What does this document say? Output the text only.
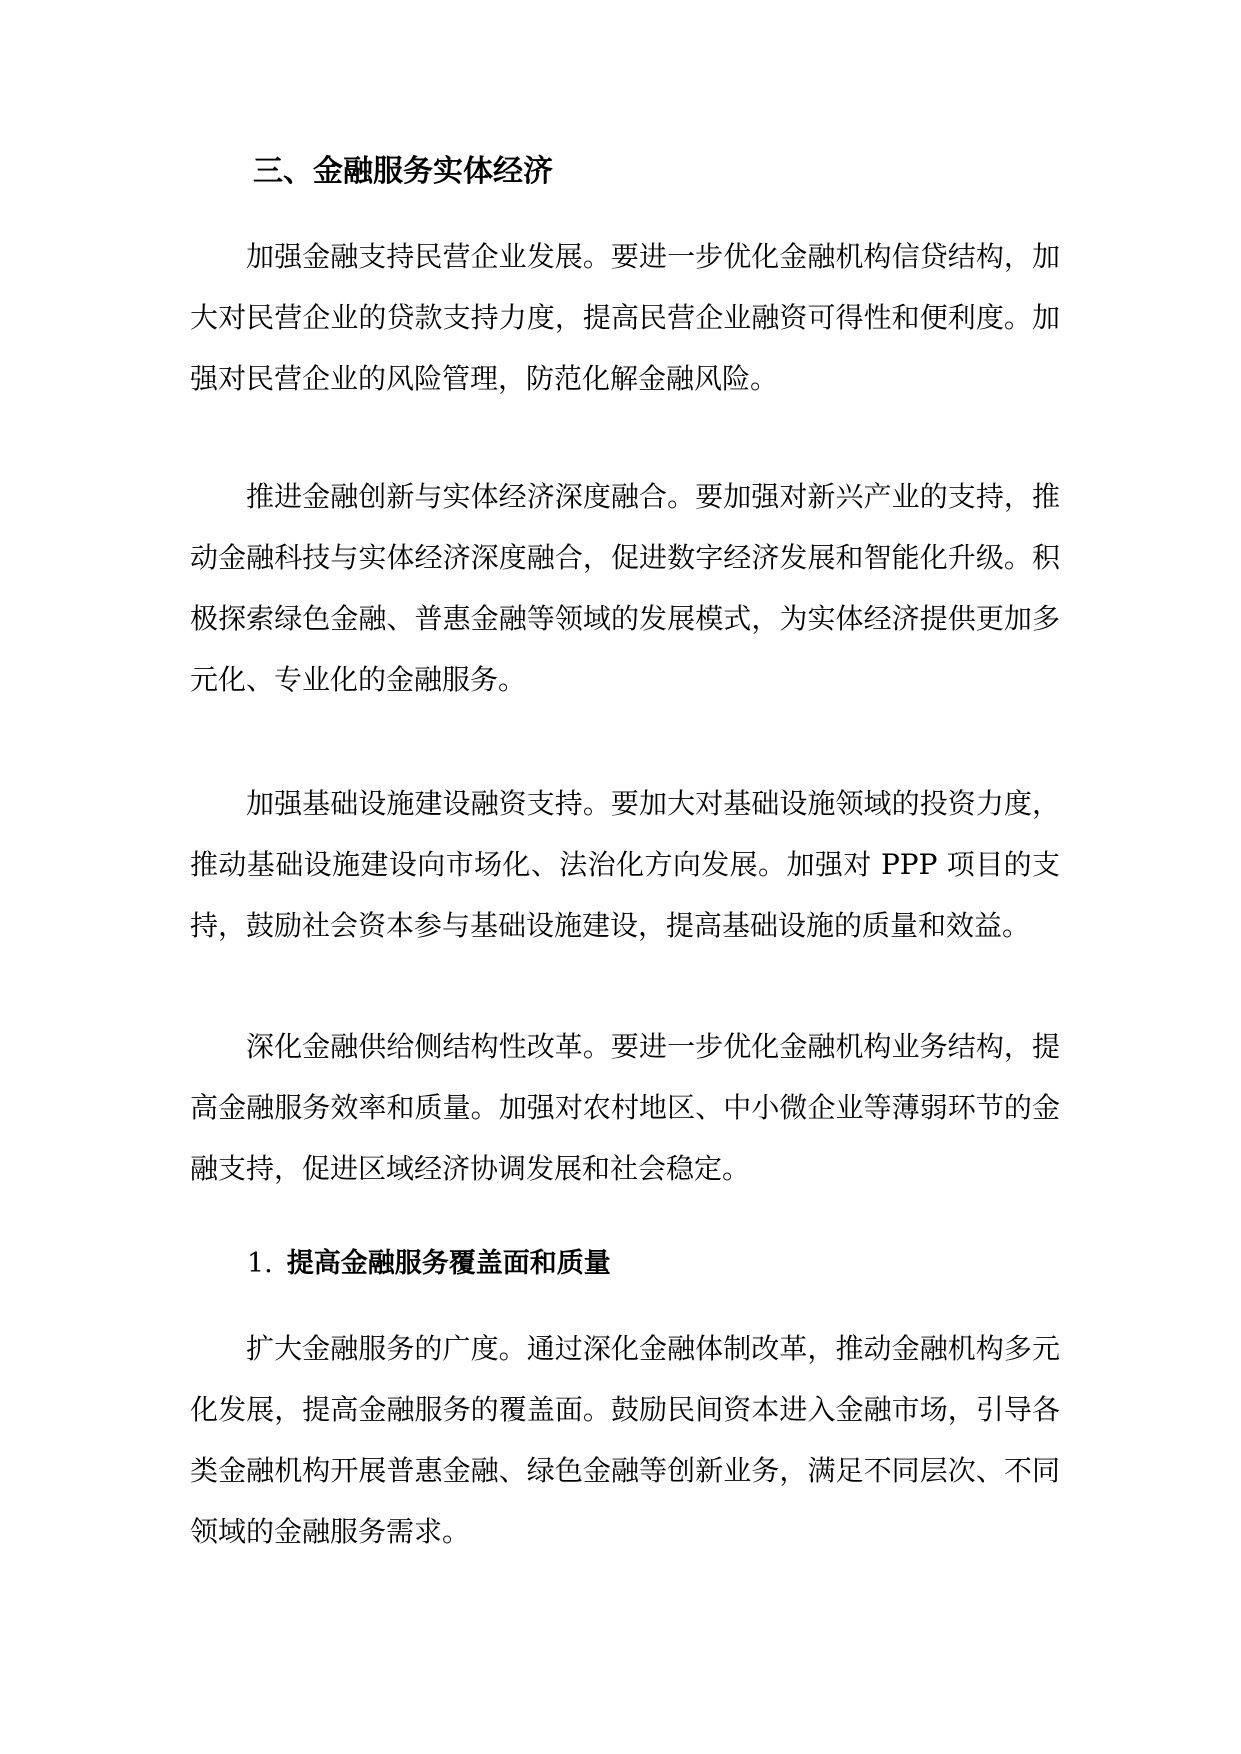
三、金融服务实体经济

加强金融支持民营企业发展。要进一步优化金融机构信贷结构，加大对民营企业的贷款支持力度，提高民营企业融资可得性和便利度。加强对民营企业的风险管理，防范化解金融风险。

推进金融创新与实体经济深度融合。要加强对新兴产业的支持，推动金融科技与实体经济深度融合，促进数字经济发展和智能化升级。积极探索绿色金融、普惠金融等领域的发展模式，为实体经济提供更加多元化、专业化的金融服务。

加强基础设施建设融资支持。要加大对基础设施领域的投资力度，推动基础设施建设向市场化、法治化方向发展。加强对 PPP 项目的支持，鼓励社会资本参与基础设施建设，提高基础设施的质量和效益。

深化金融供给侧结构性改革。要进一步优化金融机构业务结构，提高金融服务效率和质量。加强对农村地区、中小微企业等薄弱环节的金融支持，促进区域经济协调发展和社会稳定。

1. 提高金融服务覆盖面和质量

扩大金融服务的广度。通过深化金融体制改革，推动金融机构多元化发展，提高金融服务的覆盖面。鼓励民间资本进入金融市场，引导各类金融机构开展普惠金融、绿色金融等创新业务，满足不同层次、不同领域的金融服务需求。
